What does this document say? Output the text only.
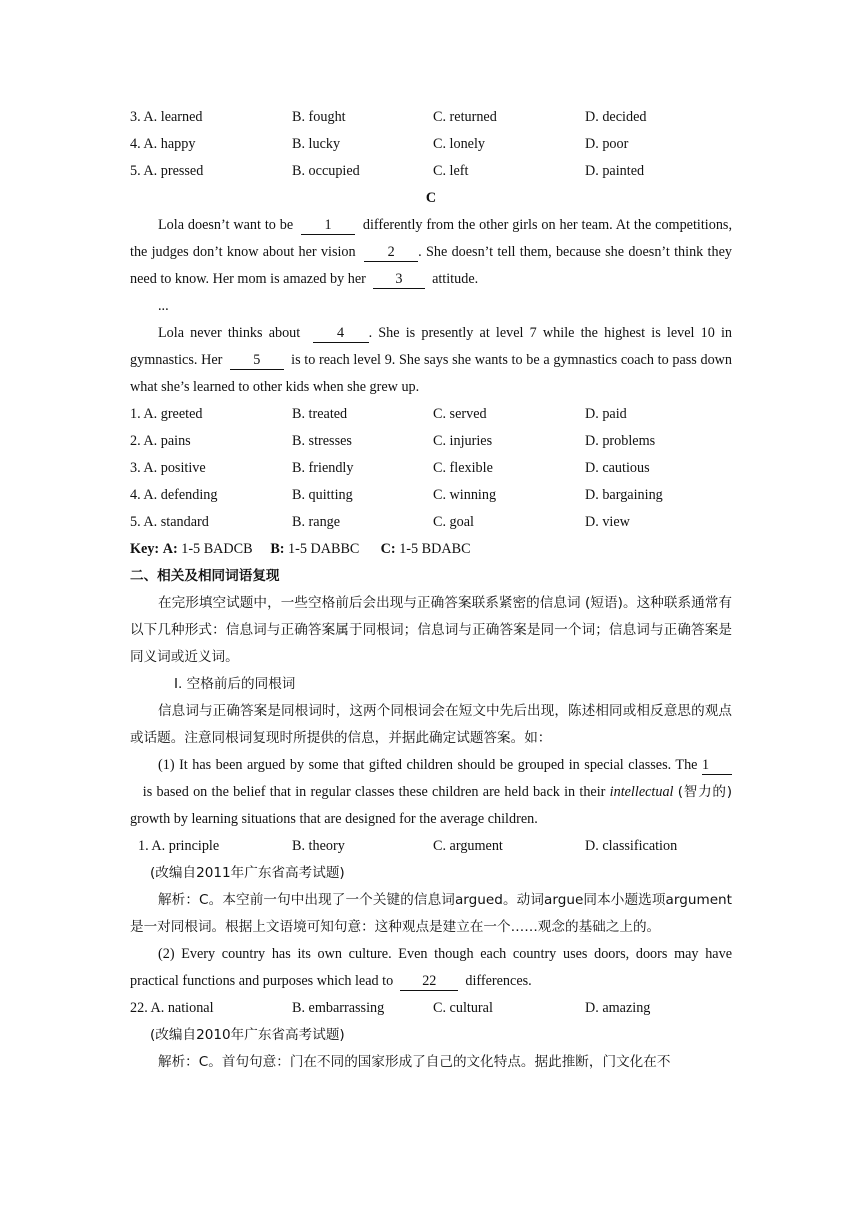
3. A. learned	B. fought	C. returned	D. decided
4. A. happy	B. lucky	C. lonely	D. poor
5. A. pressed	B. occupied	C. left	D. painted
C

Lola doesn’t want to be 1 differently from the other girls on her team. At the competitions, the judges don’t know about her vision 2 . She doesn’t tell them, because she doesn’t think they need to know. Her mom is amazed by her 3 attitude.

...

Lola never thinks about	4 . She is presently at level 7 while the highest is level 10 in gymnastics. Her 5 is to reach level 9. She says she wants to be a gymnastics coach to pass down what she’s learned to other kids when she grew up.

1. A. greeted	B. treated	C. served	D. paid
2. A. pains	B. stresses	C. injuries	D. problems
3. A. positive	B. friendly	C. flexible	D. cautious
4. A. defending	B. quitting	C. winning	D. bargaining
5. A. standard	B. range	C. goal	D. view
Key: A: 1-5 BADCB B: 1-5 DABBC C: 1-5 BDABC
二、相关及相同词语复现

在完形填空试题中，一些空格前后会出现与正确答案联系紧密的信息词 (短语)。这种联系通常有以下几种形式：信息词与正确答案属于同根词；信息词与正确答案是同一个词；信息词与正确答案是同义词或近义词。

Ⅰ. 空格前后的同根词

信息词与正确答案是同根词时，这两个同根词会在短文中先后出现，陈述相同或相反意思的观点或话题。注意同根词复现时所提供的信息，并据此确定试题答案。如：

(1) It has been argued by some that gifted children should be grouped in special classes. The 1   is based on the belief that in regular classes these children are held back in their intellectual (智力的) growth by learning situations that are designed for the average children.

1. A. principle	B. theory	C. argument	D. classification
(改编自2011年广东省高考试题)

解析：C。本空前一句中出现了一个关键的信息词argued。动词argue同本小题选项argument是一对同根词。根据上文语境可知句意：这种观点是建立在一个……观念的基础之上的。

(2) Every country has its own culture. Even though each country uses doors, doors may have practical functions and purposes which lead to 22 differences.

22. A. national	B. embarrassing	C. cultural	D. amazing
(改编自2010年广东省高考试题)
解析：C。首句句意：门在不同的国家形成了自己的文化特点。据此推断，门文化在不
